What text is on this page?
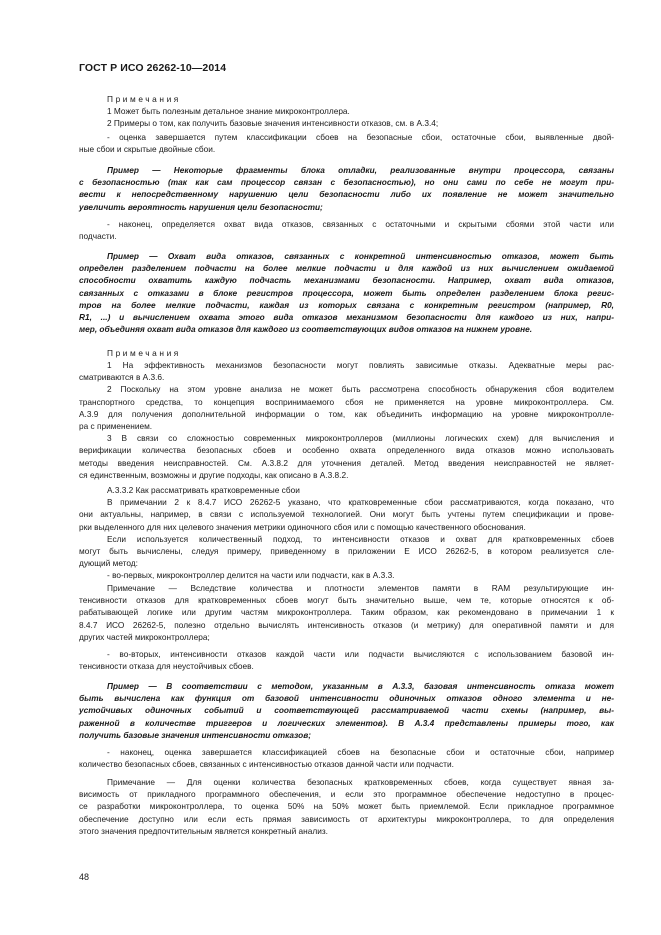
ГОСТ Р ИСО 26262-10—2014
Примечания
1 Может быть полезным детальное знание микроконтроллера.
2 Примеры о том, как получить базовые значения интенсивности отказов, см. в А.3.4;
- оценка завершается путем классификации сбоев на безопасные сбои, остаточные сбои, выявленные двой-
ные сбои и скрытые двойные сбои.
Пример — Некоторые фрагменты блока отладки, реализованные внутри процессора, связаны
с безопасностью (так как сам процессор связан с безопасностью), но они сами по себе не могут при-
вести к непосредственному нарушению цели безопасности либо их появление не может значительно
увеличить вероятность нарушения цели безопасности;
- наконец, определяется охват вида отказов, связанных с остаточными и скрытыми сбоями этой части или
подчасти.
Пример — Охват вида отказов, связанных с конкретной интенсивностью отказов, может быть
определен разделением подчасти на более мелкие подчасти и для каждой из них вычислением ожидаемой
способности охватить каждую подчасть механизмами безопасности. Например, охват вида отказов,
связанных с отказами в блоке регистров процессора, может быть определен разделением блока регис-
тров на более мелкие подчасти, каждая из которых связана с конкретным регистром (например, R0,
R1, ...) и вычислением охвата этого вида отказов механизмом безопасности для каждого из них, напри-
мер, объединяя охват вида отказов для каждого из соответствующих видов отказов на нижнем уровне.
Примечания
1 На эффективность механизмов безопасности могут повлиять зависимые отказы. Адекватные меры рас-
сматриваются в А.3.6.
2 Поскольку на этом уровне анализа не может быть рассмотрена способность обнаружения сбоя водителем
транспортного средства, то концепция воспринимаемого сбоя не применяется на уровне микроконтроллера. См.
А.3.9 для получения дополнительной информации о том, как объединить информацию на уровне микроконтролле-
ра с применением.
3 В связи со сложностью современных микроконтроллеров (миллионы логических схем) для вычисления и
верификации количества безопасных сбоев и особенно охвата определенного вида отказов можно использовать
методы введения неисправностей. См. А.3.8.2 для уточнения деталей. Метод введения неисправностей не являет-
ся единственным, возможны и другие подходы, как описано в А.3.8.2.
А.3.3.2 Как рассматривать кратковременные сбои
В примечании 2 к 8.4.7 ИСО 26262-5 указано, что кратковременные сбои рассматриваются, когда показано, что
они актуальны, например, в связи с используемой технологией. Они могут быть учтены путем спецификации и прове-
рки выделенного для них целевого значения метрики одиночного сбоя или с помощью качественного обоснования.
Если используется количественный подход, то интенсивности отказов и охват для кратковременных сбоев
могут быть вычислены, следуя примеру, приведенному в приложении Е ИСО 26262-5, в котором реализуется сле-
дующий метод:
- во-первых, микроконтроллер делится на части или подчасти, как в А.3.3.
Примечание — Вследствие количества и плотности элементов памяти в RAM результирующие ин-
тенсивности отказов для кратковременных сбоев могут быть значительно выше, чем те, которые относятся к об-
рабатывающей логике или другим частям микроконтроллера. Таким образом, как рекомендовано в примечании 1 к
8.4.7 ИСО 26262-5, полезно отдельно вычислять интенсивность отказов (и метрику) для оперативной памяти и для
других частей микроконтроллера;
- во-вторых, интенсивности отказов каждой части или подчасти вычисляются с использованием базовой ин-
тенсивности отказа для неустойчивых сбоев.
Пример — В соответствии с методом, указанным в А.3.3, базовая интенсивность отказа может
быть вычислена как функция от базовой интенсивности одиночных отказов одного элемента и не-
устойчивых одиночных событий и соответствующей рассматриваемой части схемы (например, вы-
раженной в количестве триггеров и логических элементов). В А.3.4 представлены примеры того, как
получить базовые значения интенсивности отказов;
- наконец, оценка завершается классификацией сбоев на безопасные сбои и остаточные сбои, например
количество безопасных сбоев, связанных с интенсивностью отказов данной части или подчасти.
Примечание — Для оценки количества безопасных кратковременных сбоев, когда существует явная за-
висимость от прикладного программного обеспечения, и если это программное обеспечение недоступно в процес-
се разработки микроконтроллера, то оценка 50% на 50% может быть приемлемой. Если прикладное программное
обеспечение доступно или если есть прямая зависимость от архитектуры микроконтроллера, то для определения
этого значения предпочтительным является конкретный анализ.
48
